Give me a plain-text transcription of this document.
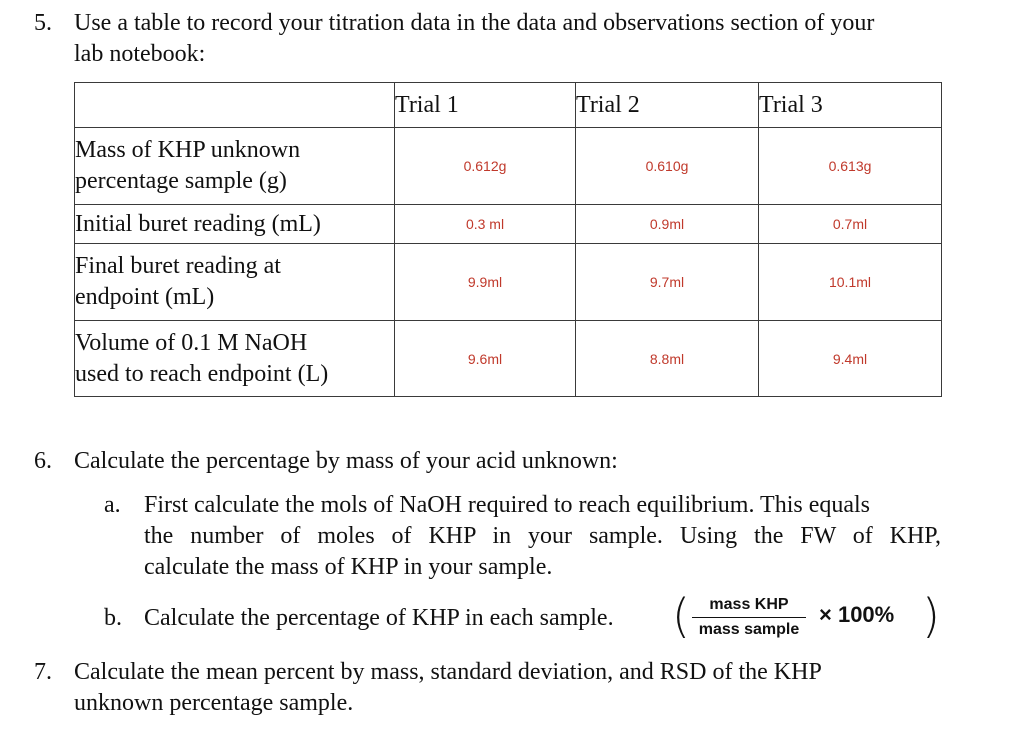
5. Use a table to record your titration data in the data and observations section of your
lab notebook:
	Trial 1	Trial 2	Trial 3

Mass of KHP unknown
percentage sample (g)	0.612g	0.610g	0.613g

Initial buret reading (mL)	0.3 ml	0.9ml	0.7ml

Final buret reading at
endpoint (mL)	9.9ml	9.7ml	10.1ml

Volume of 0.1 M NaOH
used to reach endpoint (L)	9.6ml	8.8ml	9.4ml
6. Calculate the percentage by mass of your acid unknown:
a. First calculate the mols of NaOH required to reach equilibrium. This equals
the number of moles of KHP in your sample. Using the FW of KHP,
calculate the mass of KHP in your sample.
b. Calculate the percentage of KHP in each sample. (	mass KHP
mass sample
× 100% )
7. Calculate the mean percent by mass, standard deviation, and RSD of the KHP
unknown percentage sample.
